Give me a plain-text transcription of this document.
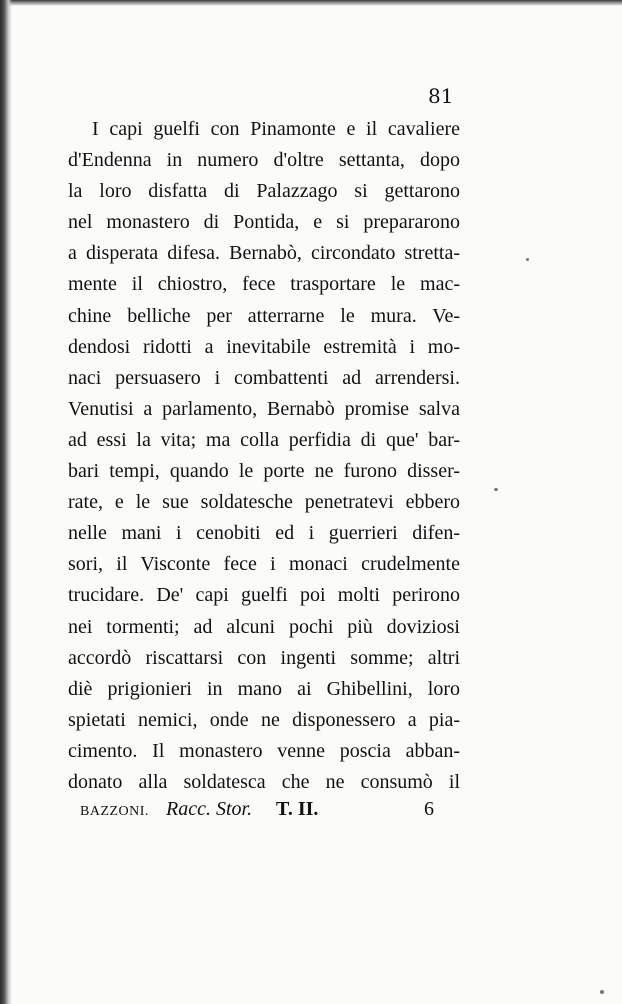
81
I capi guelfi con Pinamonte e il cavaliere
d'Endenna in numero d'oltre settanta, dopo
la loro disfatta di Palazzago si gettarono
nel monastero di Pontida, e si prepararono
a disperata difesa. Bernabò, circondato stretta-
mente il chiostro, fece trasportare le mac-
chine belliche per atterrarne le mura. Ve-
dendosi ridotti a inevitabile estremità i mo-
naci persuasero i combattenti ad arrendersi.
Venutisi a parlamento, Bernabò promise salva
ad essi la vita; ma colla perfidia di que' bar-
bari tempi, quando le porte ne furono disser-
rate, e le sue soldatesche penetratevi ebbero
nelle mani i cenobiti ed i guerrieri difen-
sori, il Visconte fece i monaci crudelmente
trucidare. De' capi guelfi poi molti perirono
nei tormenti; ad alcuni pochi più doviziosi
accordò riscattarsi con ingenti somme; altri
diè prigionieri in mano ai Ghibellini, loro
spietati nemici, onde ne disponessero a pia-
cimento. Il monastero venne poscia abban-
donato alla soldatesca che ne consumò il
BAZZONI. Racc. Stor. T. II.	6
